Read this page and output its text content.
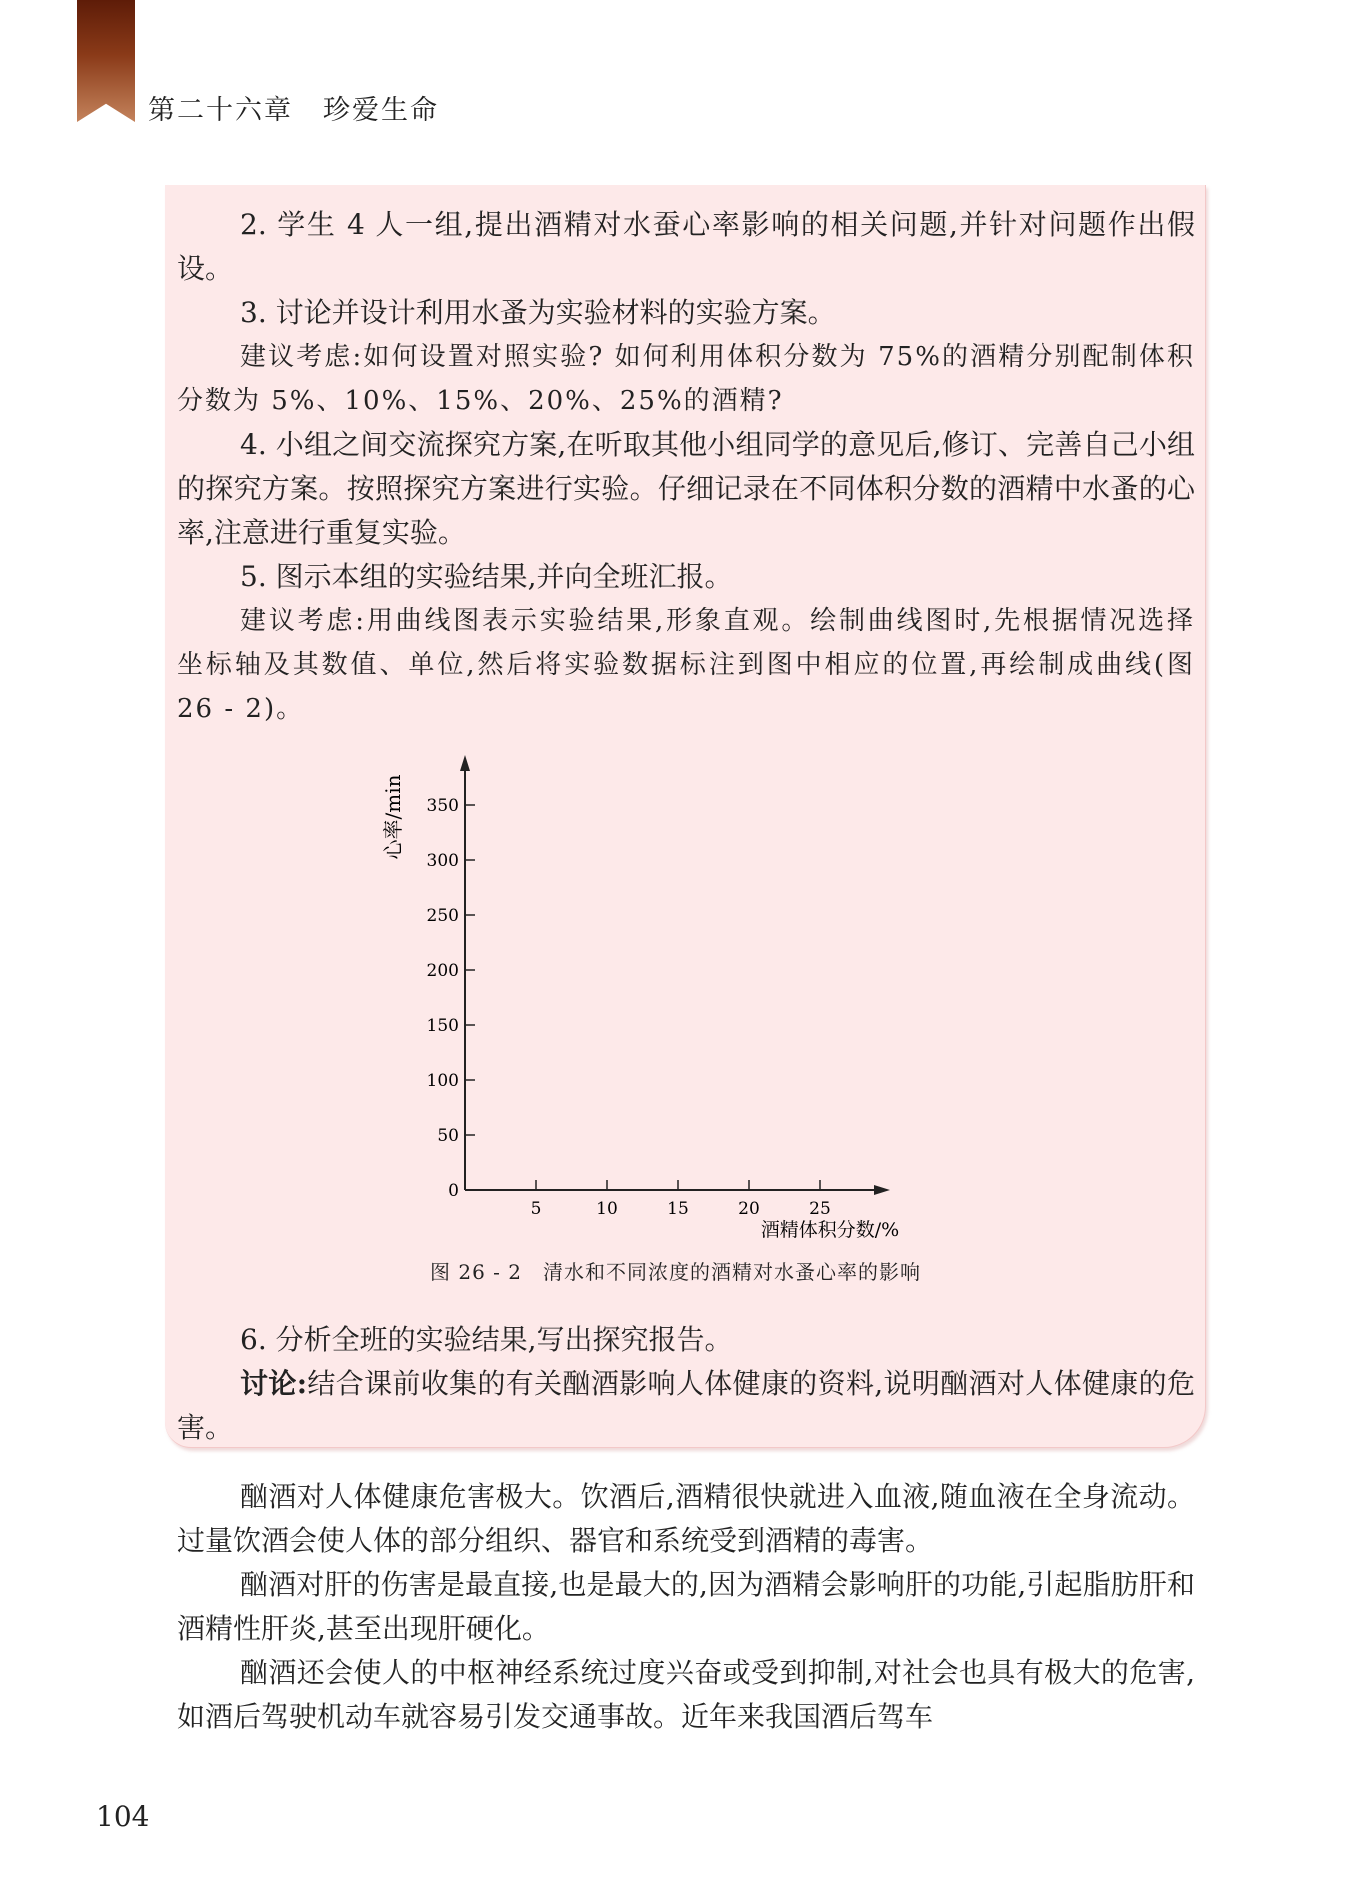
第二十六章 珍爱生命

2. 学生 4 人一组,提出酒精对水蚕心率影响的相关问题,并针对问题作出假设。

3. 讨论并设计利用水蚤为实验材料的实验方案。

建议考虑:如何设置对照实验? 如何利用体积分数为 75%的酒精分别配制体积分数为 5%、10%、15%、20%、25%的酒精?

4. 小组之间交流探究方案,在听取其他小组同学的意见后,修订、完善自己小组的探究方案。按照探究方案进行实验。仔细记录在不同体积分数的酒精中水蚤的心率,注意进行重复实验。

5. 图示本组的实验结果,并向全班汇报。

建议考虑:用曲线图表示实验结果,形象直观。绘制曲线图时,先根据情况选择坐标轴及其数值、单位,然后将实验数据标注到图中相应的位置,再绘制成曲线(图 26 - 2)。

0
50
100
150
200
250
300
350
5	10	15	20	25
心率/min
酒精体积分数/%
图 26 - 2　清水和不同浓度的酒精对水蚤心率的影响

6. 分析全班的实验结果,写出探究报告。

讨论:结合课前收集的有关酗酒影响人体健康的资料,说明酗酒对人体健康的危害。

酗酒对人体健康危害极大。饮酒后,酒精很快就进入血液,随血液在全身流动。过量饮酒会使人体的部分组织、器官和系统受到酒精的毒害。

酗酒对肝的伤害是最直接,也是最大的,因为酒精会影响肝的功能,引起脂肪肝和酒精性肝炎,甚至出现肝硬化。

酗酒还会使人的中枢神经系统过度兴奋或受到抑制,对社会也具有极大的危害,如酒后驾驶机动车就容易引发交通事故。近年来我国酒后驾车

104
